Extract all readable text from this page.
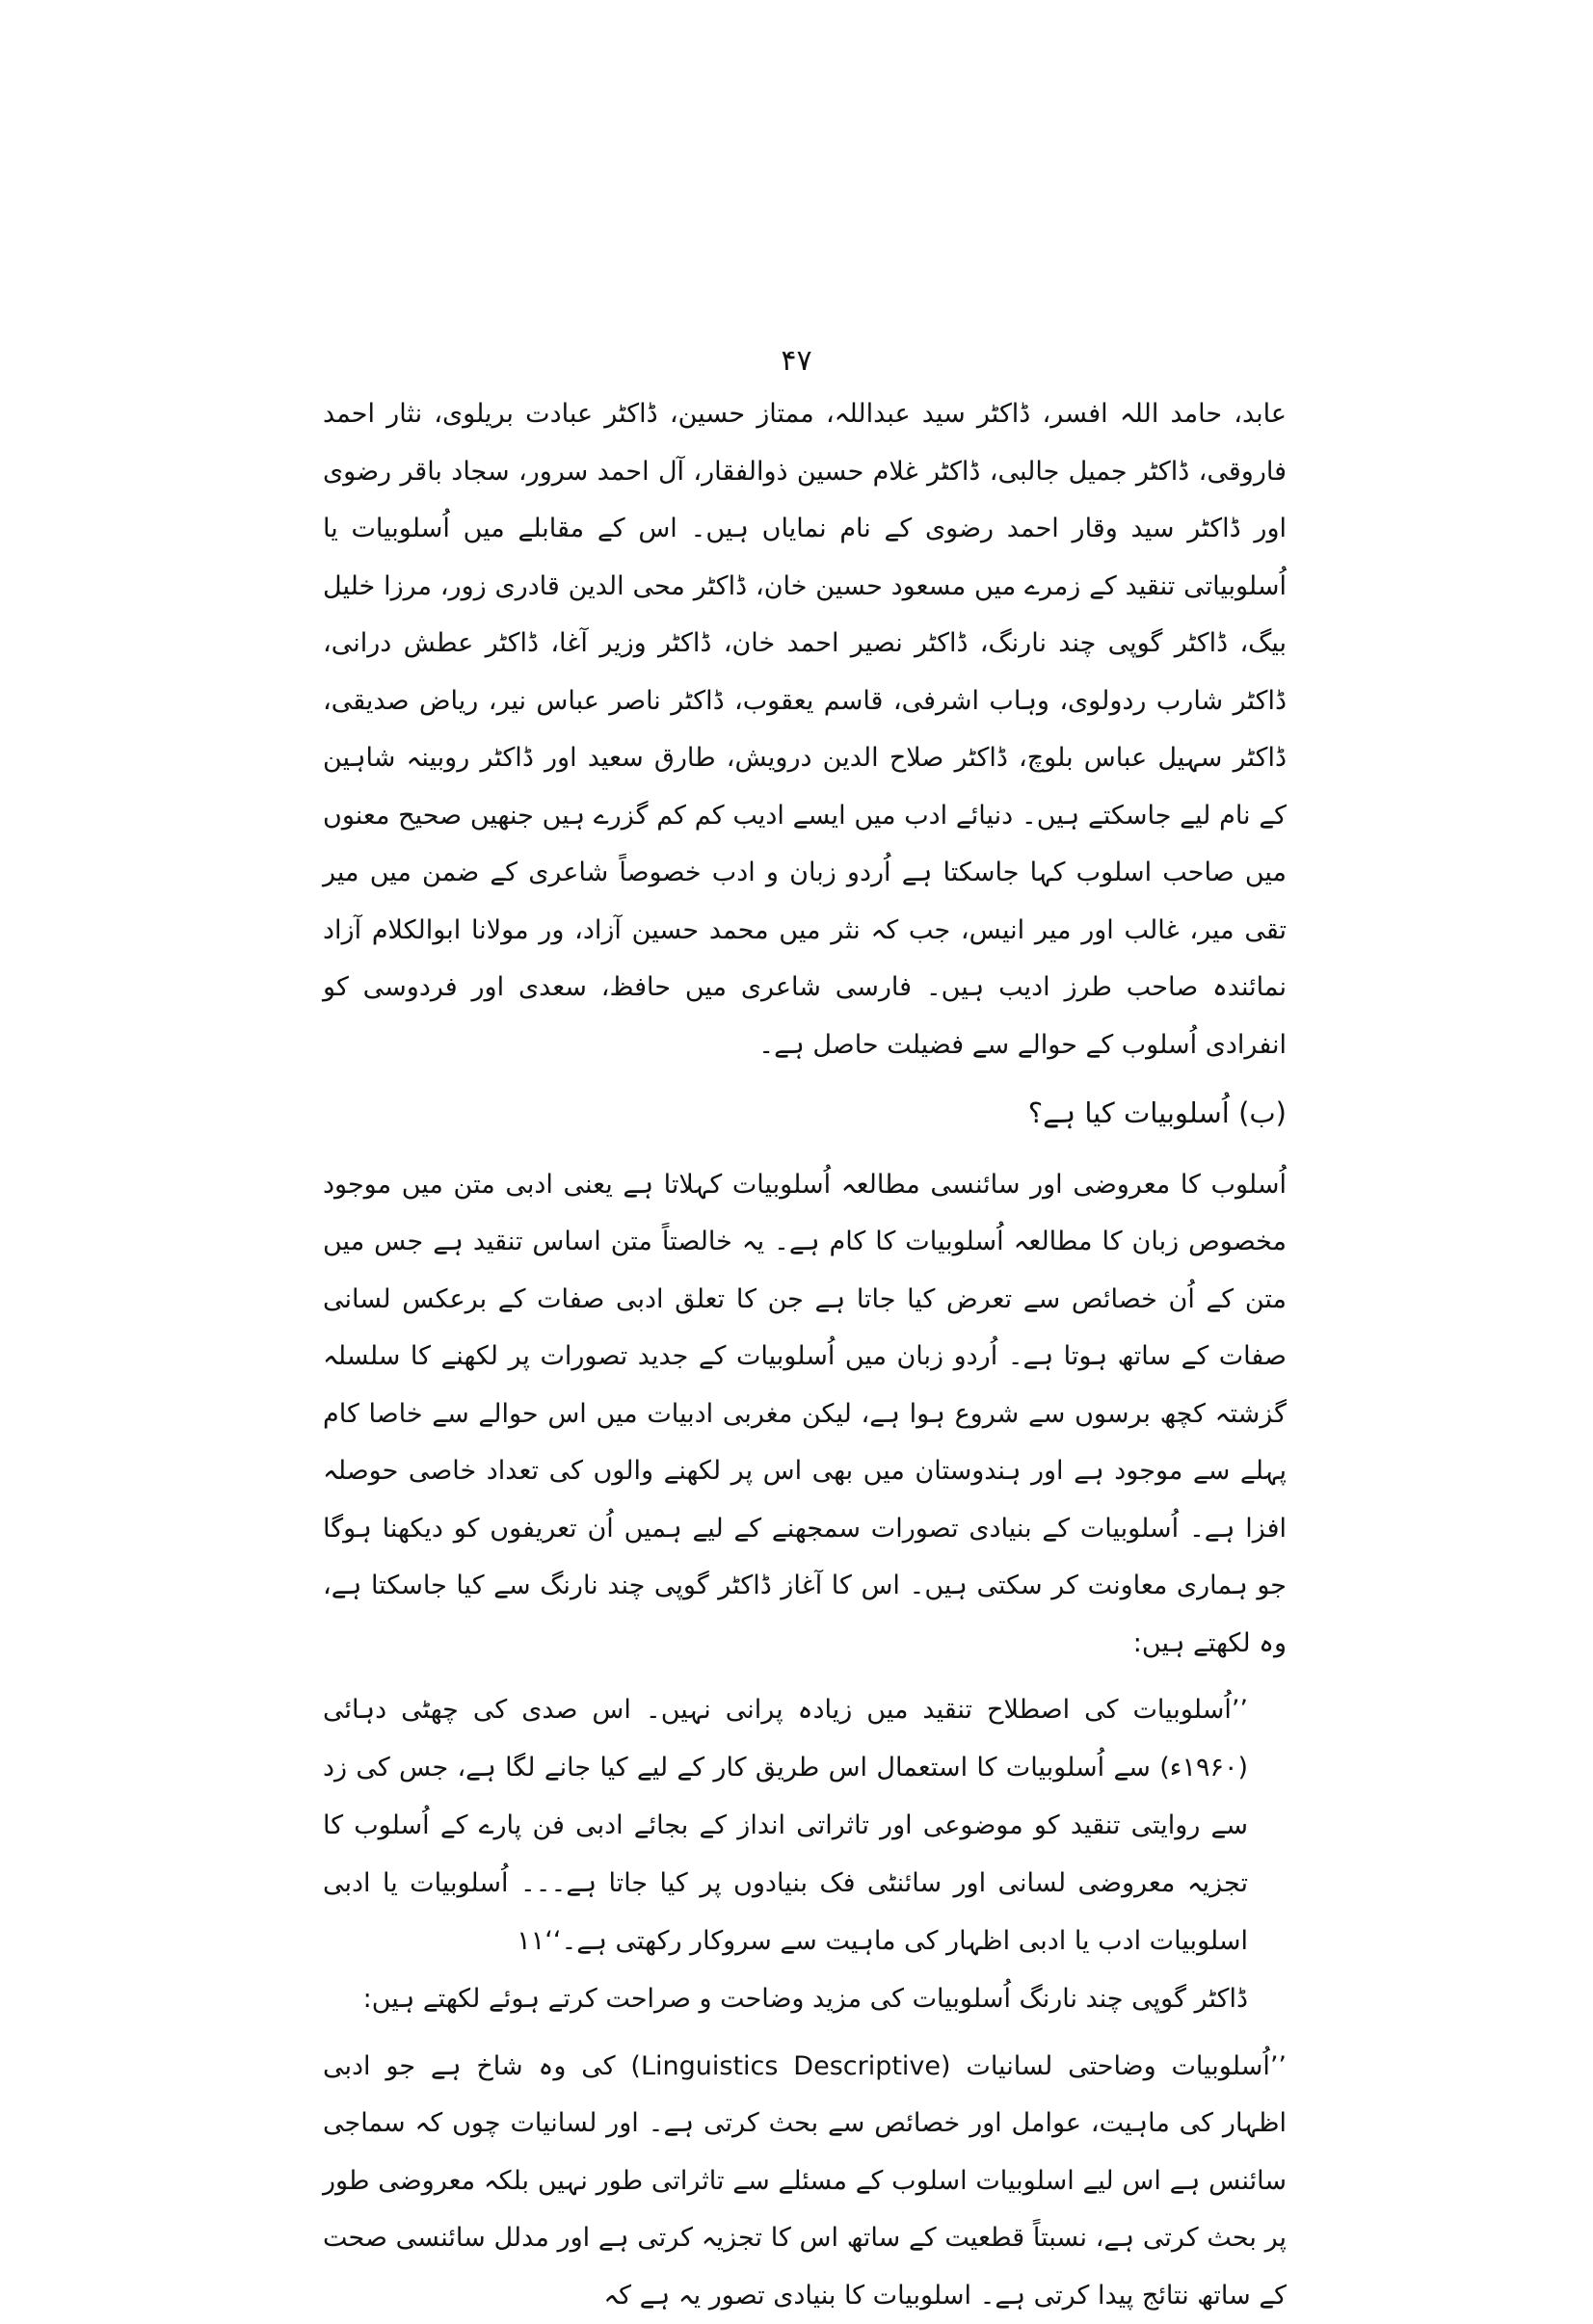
۴۷

عابد، حامد اللہ افسر، ڈاکٹر سید عبداللہ، ممتاز حسین، ڈاکٹر عبادت بریلوی، نثار احمد فاروقی، ڈاکٹر جمیل جالبی، ڈاکٹر غلام حسین ذوالفقار، آل احمد سرور، سجاد باقر رضوی اور ڈاکٹر سید وقار احمد رضوی کے نام نمایاں ہیں۔ اس کے مقابلے میں اُسلوبیات یا اُسلوبیاتی تنقید کے زمرے میں مسعود حسین خان، ڈاکٹر محی الدین قادری زور، مرزا خلیل بیگ، ڈاکٹر گوپی چند نارنگ، ڈاکٹر نصیر احمد خان، ڈاکٹر وزیر آغا، ڈاکٹر عطش درانی، ڈاکٹر شارب ردولوی، وہاب اشرفی، قاسم یعقوب، ڈاکٹر ناصر عباس نیر، ریاض صدیقی، ڈاکٹر سہیل عباس بلوچ، ڈاکٹر صلاح الدین درویش، طارق سعید اور ڈاکٹر روبینہ شاہین کے نام لیے جاسکتے ہیں۔ دنیائے ادب میں ایسے ادیب کم کم گزرے ہیں جنھیں صحیح معنوں میں صاحب اسلوب کہا جاسکتا ہے اُردو زبان و ادب خصوصاً شاعری کے ضمن میں میر تقی میر، غالب اور میر انیس، جب کہ نثر میں محمد حسین آزاد، ور مولانا ابوالکلام آزاد نمائندہ صاحب طرز ادیب ہیں۔ فارسی شاعری میں حافظ، سعدی اور فردوسی کو انفرادی اُسلوب کے حوالے سے فضیلت حاصل ہے۔

(ب) اُسلوبیات کیا ہے؟

اُسلوب کا معروضی اور سائنسی مطالعہ اُسلوبیات کہلاتا ہے یعنی ادبی متن میں موجود مخصوص زبان کا مطالعہ اُسلوبیات کا کام ہے۔ یہ خالصتاً متن اساس تنقید ہے جس میں متن کے اُن خصائص سے تعرض کیا جاتا ہے جن کا تعلق ادبی صفات کے برعکس لسانی صفات کے ساتھ ہوتا ہے۔ اُردو زبان میں اُسلوبیات کے جدید تصورات پر لکھنے کا سلسلہ گزشتہ کچھ برسوں سے شروع ہوا ہے، لیکن مغربی ادبیات میں اس حوالے سے خاصا کام پہلے سے موجود ہے اور ہندوستان میں بھی اس پر لکھنے والوں کی تعداد خاصی حوصلہ افزا ہے۔ اُسلوبیات کے بنیادی تصورات سمجھنے کے لیے ہمیں اُن تعریفوں کو دیکھنا ہوگا جو ہماری معاونت کر سکتی ہیں۔ اس کا آغاز ڈاکٹر گوپی چند نارنگ سے کیا جاسکتا ہے، وہ لکھتے ہیں:

’’اُسلوبیات کی اصطلاح تنقید میں زیادہ پرانی نہیں۔ اس صدی کی چھٹی دہائی (۱۹۶۰ء) سے اُسلوبیات کا استعمال اس طریق کار کے لیے کیا جانے لگا ہے، جس کی زد سے روایتی تنقید کو موضوعی اور تاثراتی انداز کے بجائے ادبی فن پارے کے اُسلوب کا تجزیہ معروضی لسانی اور سائنٹی فک بنیادوں پر کیا جاتا ہے۔۔۔ اُسلوبیات یا ادبی اسلوبیات ادب یا ادبی اظہار کی ماہیت سے سروکار رکھتی ہے۔‘‘۱۱

ڈاکٹر گوپی چند نارنگ اُسلوبیات کی مزید وضاحت و صراحت کرتے ہوئے لکھتے ہیں:

’’اُسلوبیات وضاحتی لسانیات (Linguistics Descriptive) کی وہ شاخ ہے جو ادبی اظہار کی ماہیت، عوامل اور خصائص سے بحث کرتی ہے۔ اور لسانیات چوں کہ سماجی سائنس ہے اس لیے اسلوبیات اسلوب کے مسئلے سے تاثراتی طور نہیں بلکہ معروضی طور پر بحث کرتی ہے، نسبتاً قطعیت کے ساتھ اس کا تجزیہ کرتی ہے اور مدلل سائنسی صحت کے ساتھ نتائج پیدا کرتی ہے۔ اسلوبیات کا بنیادی تصور یہ ہے کہ
